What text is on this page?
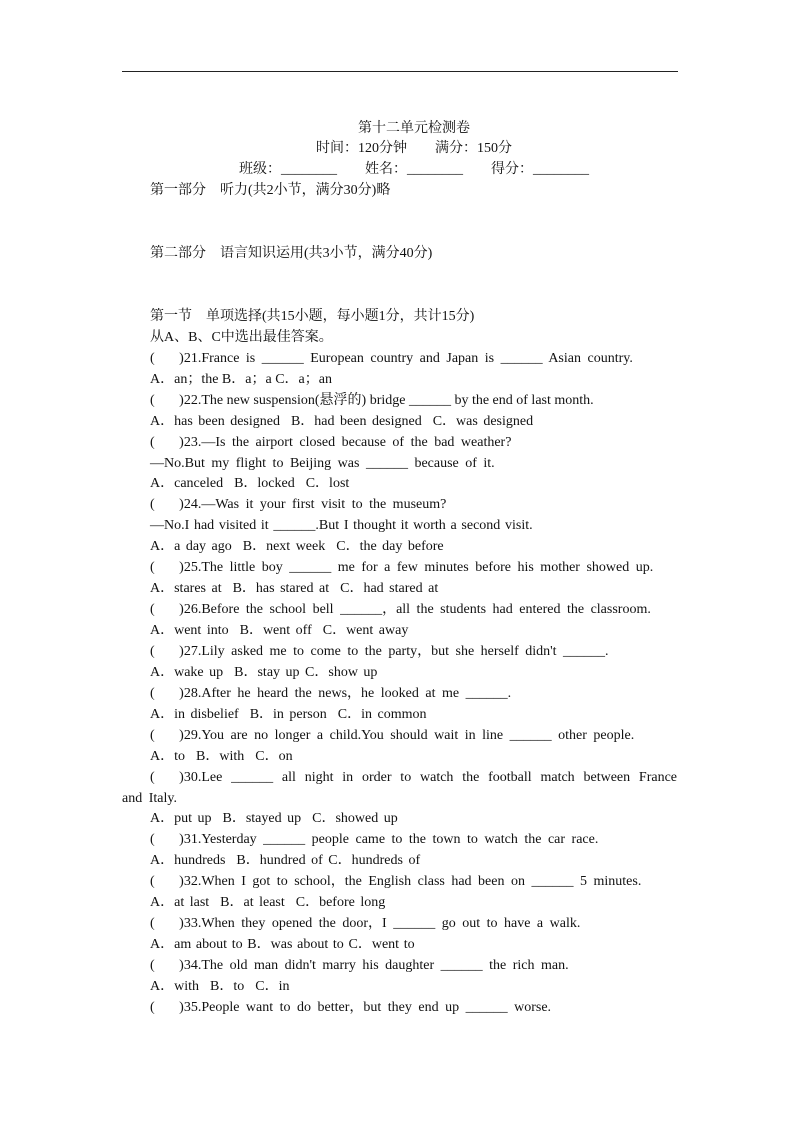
第十二单元检测卷
时间：120分钟 满分：150分
班级：________ 姓名：________ 得分：________
第一部分　听力(共2小节，满分30分)略
第二部分　语言知识运用(共3小节，满分40分)
第一节　单项选择(共15小题，每小题1分，共计15分)
从A、B、C中选出最佳答案。
(       )21.France is ______ European country and Japan is ______ Asian country.
A．an；the B．a；a C．a；an
(       )22.The new suspension(悬浮的) bridge ______ by the end of last month.
A．has been designed  B．had been designed  C．was designed
(       )23.—Is the airport closed because of the bad weather?
—No.But my flight to Beijing was ______ because of it.
A．canceled  B．locked  C．lost
(       )24.—Was it your first visit to the museum?
—No.I had visited it ______.But I thought it worth a second visit.
A．a day ago  B．next week  C．the day before
(       )25.The little boy ______ me for a few minutes before his mother showed up.
A．stares at  B．has stared at  C．had stared at
(       )26.Before the school bell ______，all the students had entered the classroom.
A．went into  B．went off  C．went away
(       )27.Lily asked me to come to the party，but she herself didn't ______.
A．wake up  B．stay up C．show up
(       )28.After he heard the news，he looked at me ______.
A．in disbelief  B．in person  C．in common
(       )29.You are no longer a child.You should wait in line ______ other people.
A．to  B．with  C．on
(       )30.Lee ______ all night in order to watch the football match between France
and Italy.
A．put up  B．stayed up  C．showed up
(       )31.Yesterday ______ people came to the town to watch the car race.
A．hundreds  B．hundred of C．hundreds of
(       )32.When I got to school，the English class had been on ______ 5 minutes.
A．at last  B．at least  C．before long
(       )33.When they opened the door，I ______ go out to have a walk.
A．am about to B．was about to C．went to
(       )34.The old man didn't marry his daughter ______ the rich man.
A．with  B．to  C．in
(       )35.People want to do better，but they end up ______ worse.
